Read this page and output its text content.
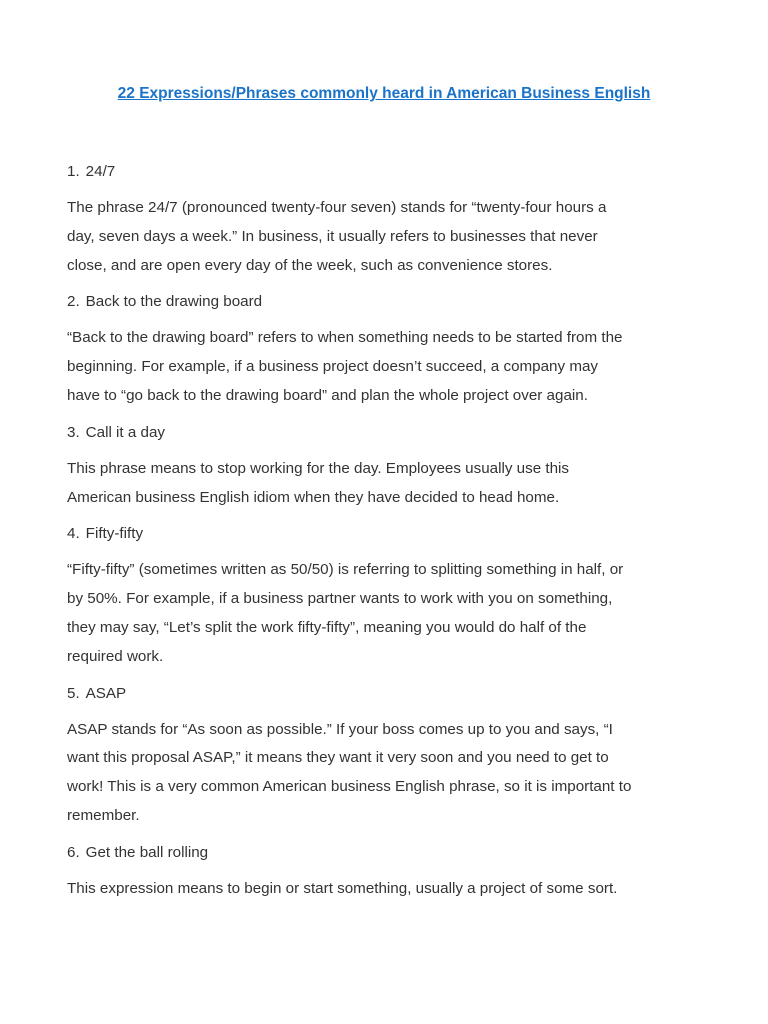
22 Expressions/Phrases commonly heard in American Business English

1. 24/7

The phrase 24/7 (pronounced twenty-four seven) stands for “twenty-four hours a
day, seven days a week.” In business, it usually refers to businesses that never
close, and are open every day of the week, such as convenience stores.

2. Back to the drawing board

“Back to the drawing board” refers to when something needs to be started from the
beginning. For example, if a business project doesn’t succeed, a company may
have to “go back to the drawing board” and plan the whole project over again.

3. Call it a day

This phrase means to stop working for the day. Employees usually use this
American business English idiom when they have decided to head home.

4. Fifty-fifty

“Fifty-fifty” (sometimes written as 50/50) is referring to splitting something in half, or
by 50%. For example, if a business partner wants to work with you on something,
they may say, “Let’s split the work fifty-fifty”, meaning you would do half of the
required work.

5. ASAP

ASAP stands for “As soon as possible.” If your boss comes up to you and says, “I
want this proposal ASAP,” it means they want it very soon and you need to get to
work! This is a very common American business English phrase, so it is important to
remember.

6. Get the ball rolling

This expression means to begin or start something, usually a project of some sort.
